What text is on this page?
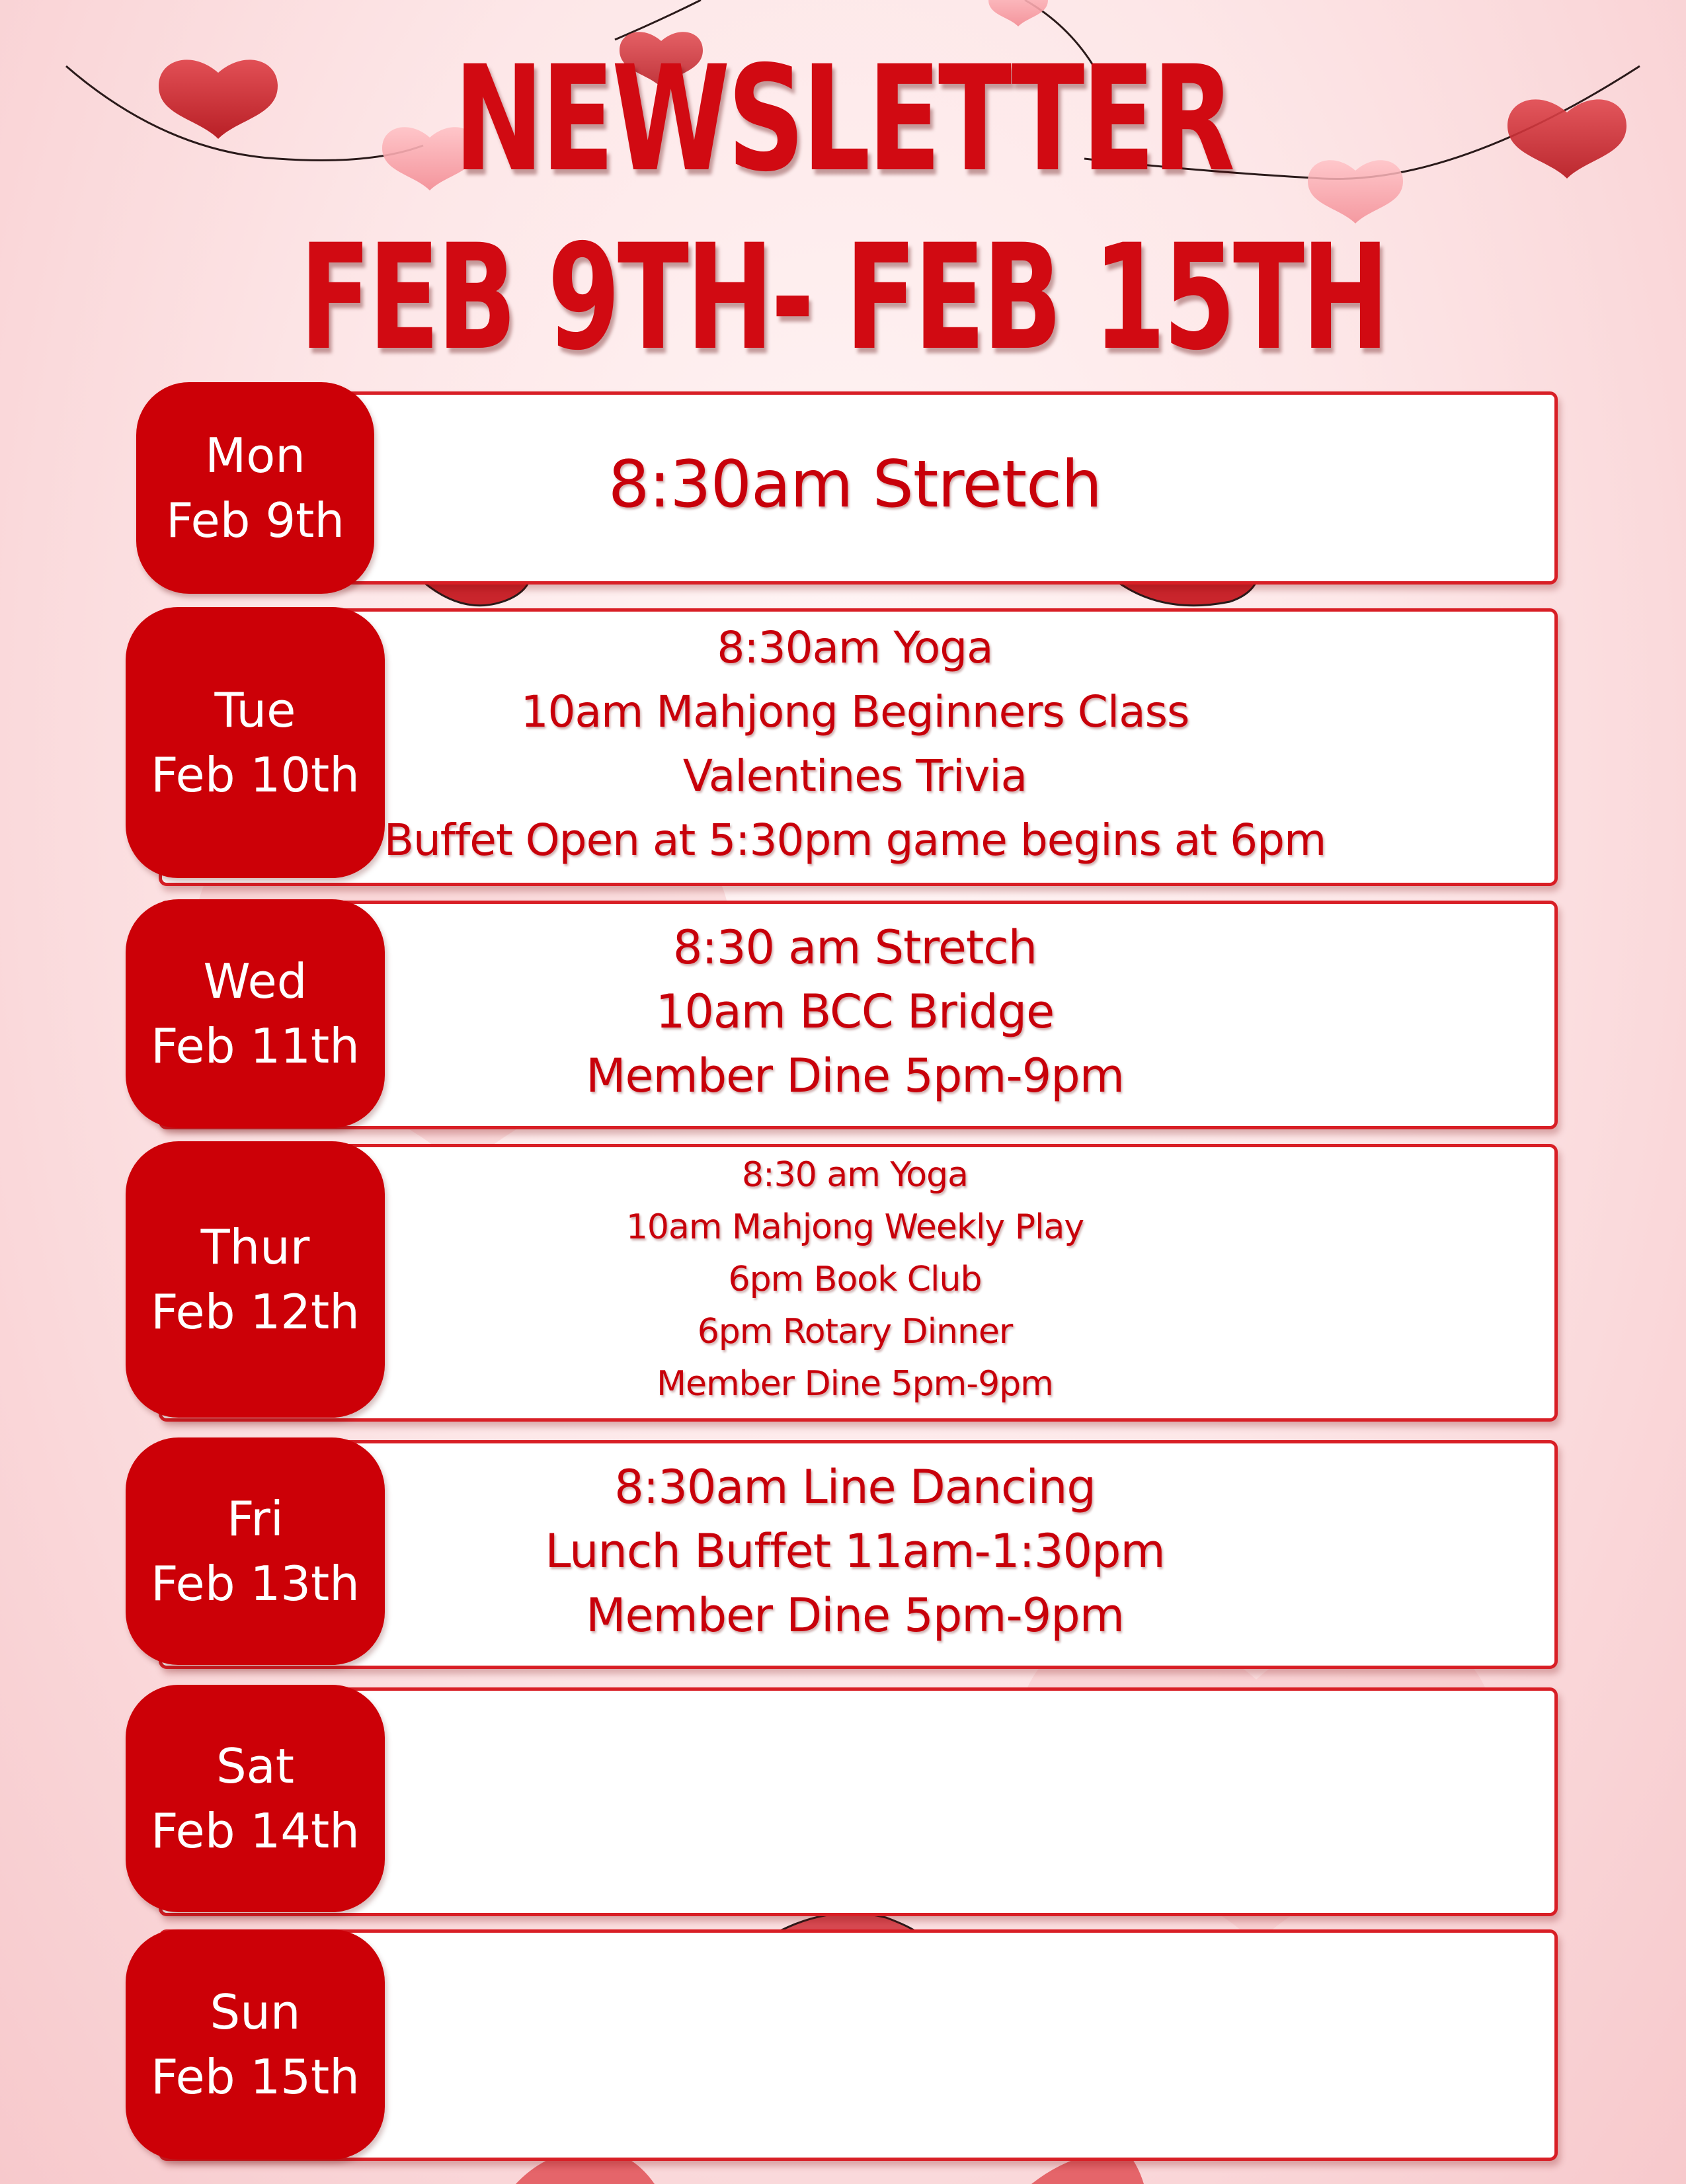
NEWSLETTER
FEB 9TH- FEB 15TH
Mon
Feb 9th	8:30am Stretch
Tue
Feb 10th
8:30am Yoga
10am Mahjong Beginners Class
Valentines Trivia
Buffet Open at 5:30pm game begins at 6pm
Wed
Feb 11th
8:30 am Stretch
10am BCC Bridge
Member Dine 5pm-9pm
Thur
Feb 12th
8:30 am Yoga
10am Mahjong Weekly Play
6pm Book Club
6pm Rotary Dinner
Member Dine 5pm-9pm
Fri
Feb 13th
8:30am Line Dancing
Lunch Buffet 11am-1:30pm
Member Dine 5pm-9pm
Sat
Feb 14th
Sun
Feb 15th
